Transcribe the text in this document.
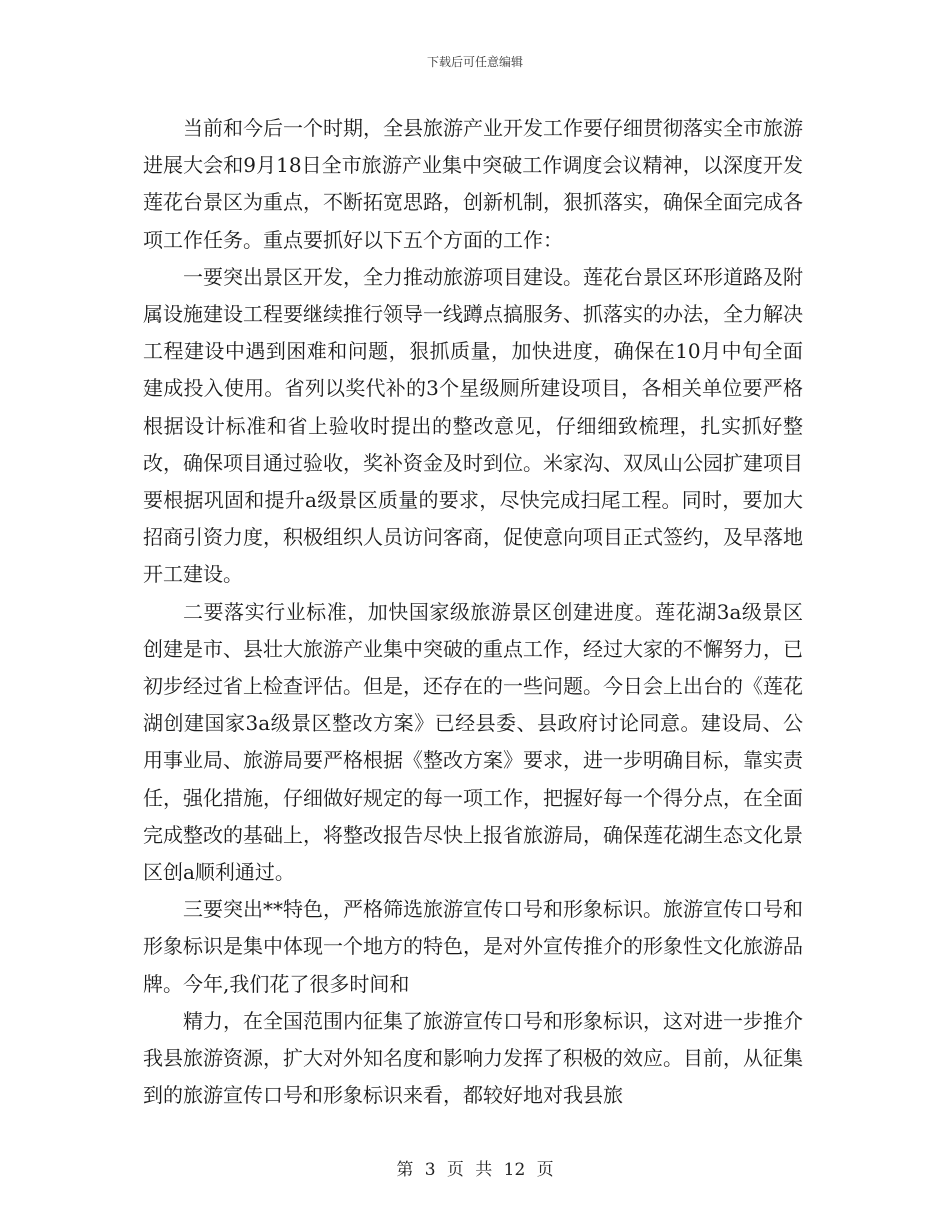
下载后可任意编辑

当前和今后一个时期，全县旅游产业开发工作要仔细贯彻落实全市旅游进展大会和9月18日全市旅游产业集中突破工作调度会议精神，以深度开发莲花台景区为重点，不断拓宽思路，创新机制，狠抓落实，确保全面完成各项工作任务。重点要抓好以下五个方面的工作：

一要突出景区开发，全力推动旅游项目建设。莲花台景区环形道路及附属设施建设工程要继续推行领导一线蹲点搞服务、抓落实的办法，全力解决工程建设中遇到困难和问题，狠抓质量，加快进度，确保在10月中旬全面建成投入使用。省列以奖代补的3个星级厕所建设项目，各相关单位要严格根据设计标准和省上验收时提出的整改意见，仔细细致梳理，扎实抓好整改，确保项目通过验收，奖补资金及时到位。米家沟、双凤山公园扩建项目要根据巩固和提升a级景区质量的要求，尽快完成扫尾工程。同时，要加大招商引资力度，积极组织人员访问客商，促使意向项目正式签约，及早落地开工建设。

二要落实行业标准，加快国家级旅游景区创建进度。莲花湖3a级景区创建是市、县壮大旅游产业集中突破的重点工作，经过大家的不懈努力，已初步经过省上检查评估。但是，还存在的一些问题。今日会上出台的《莲花湖创建国家3a级景区整改方案》已经县委、县政府讨论同意。建设局、公用事业局、旅游局要严格根据《整改方案》要求，进一步明确目标，靠实责任，强化措施，仔细做好规定的每一项工作，把握好每一个得分点，在全面完成整改的基础上，将整改报告尽快上报省旅游局，确保莲花湖生态文化景区创a顺利通过。

三要突出**特色，严格筛选旅游宣传口号和形象标识。旅游宣传口号和形象标识是集中体现一个地方的特色，是对外宣传推介的形象性文化旅游品牌。今年,我们花了很多时间和

精力，在全国范围内征集了旅游宣传口号和形象标识，这对进一步推介我县旅游资源，扩大对外知名度和影响力发挥了积极的效应。目前，从征集到的旅游宣传口号和形象标识来看，都较好地对我县旅

第 3 页 共 12 页
